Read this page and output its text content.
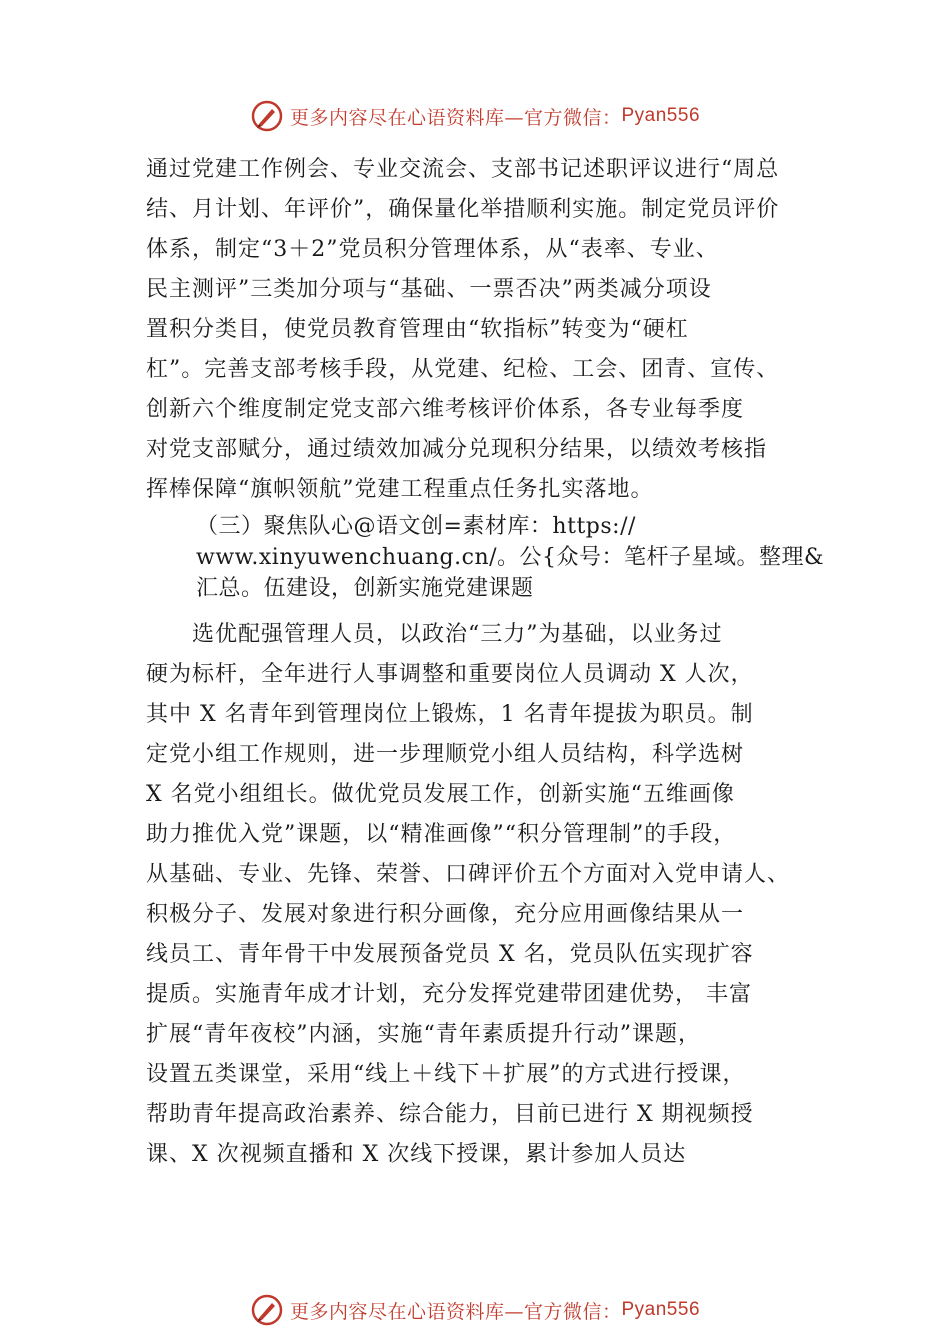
更多内容尽在心语资料库—官方微信： Pyan556
通过党建工作例会、专业交流会、支部书记述职评议进行“周总
结、月计划、年评价”，确保量化举措顺利实施。制定党员评价
体系，制定“3＋2”党员积分管理体系，从“表率、专业、
民主测评”三类加分项与“基础、一票否决”两类减分项设
置积分类目，使党员教育管理由“软指标”转变为“硬杠
杠”。完善支部考核手段，从党建、纪检、工会、团青、宣传、
创新六个维度制定党支部六维考核评价体系，各专业每季度
对党支部赋分，通过绩效加减分兑现积分结果，以绩效考核指
挥棒保障“旗帜领航”党建工程重点任务扎实落地。
（三）聚焦队心@语文创=素材库：https://
www.xinyuwenchuang.cn/。公{众号：笔杆子星域。整理&
汇总。伍建设，创新实施党建课题
　　选优配强管理人员，以政治“三力”为基础，以业务过
硬为标杆，全年进行人事调整和重要岗位人员调动 X 人次，
其中 X 名青年到管理岗位上锻炼，1 名青年提拔为职员。制
定党小组工作规则，进一步理顺党小组人员结构，科学选树
X 名党小组组长。做优党员发展工作，创新实施“五维画像
助力推优入党”课题，以“精准画像”“积分管理制”的手段，
从基础、专业、先锋、荣誉、口碑评价五个方面对入党申请人、
积极分子、发展对象进行积分画像，充分应用画像结果从一
线员工、青年骨干中发展预备党员 X 名，党员队伍实现扩容
提质。实施青年成才计划，充分发挥党建带团建优势， 丰富
扩展“青年夜校”内涵，实施“青年素质提升行动”课题，
设置五类课堂，采用“线上＋线下＋扩展”的方式进行授课，
帮助青年提高政治素养、综合能力，目前已进行 X 期视频授
课、X 次视频直播和 X 次线下授课，累计参加人员达
更多内容尽在心语资料库—官方微信： Pyan556
